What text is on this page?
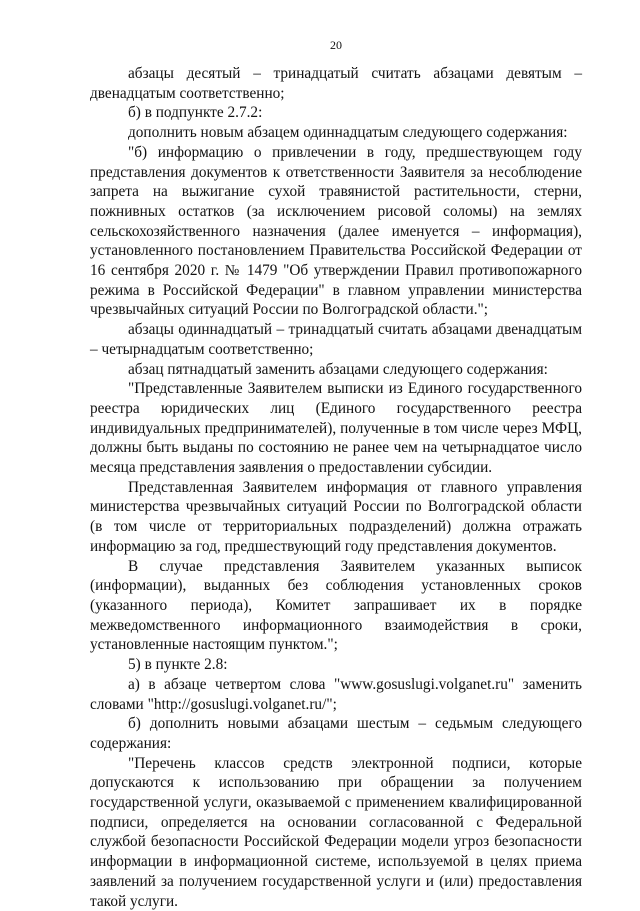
20

абзацы десятый – тринадцатый считать абзацами девятым – двенадцатым соответственно;

б) в подпункте 2.7.2:

дополнить новым абзацем одиннадцатым следующего содержания:

"б) информацию о привлечении в году, предшествующем году представления документов к ответственности Заявителя за несоблюдение запрета на выжигание сухой травянистой растительности, стерни, пожнивных остатков (за исключением рисовой соломы) на землях сельскохозяйственного назначения (далее именуется – информация), установленного постановлением Правительства Российской Федерации от 16 сентября 2020 г. № 1479 "Об утверждении Правил противопожарного режима в Российской Федерации" в главном управлении министерства чрезвычайных ситуаций России по Волгоградской области.";

абзацы одиннадцатый – тринадцатый считать абзацами двенадцатым – четырнадцатым соответственно;

абзац пятнадцатый заменить абзацами следующего содержания:

"Представленные Заявителем выписки из Единого государственного реестра юридических лиц (Единого государственного реестра индивидуальных предпринимателей), полученные в том числе через МФЦ, должны быть выданы по состоянию не ранее чем на четырнадцатое число месяца представления заявления о предоставлении субсидии.

Представленная Заявителем информация от главного управления министерства чрезвычайных ситуаций России по Волгоградской области (в том числе от территориальных подразделений) должна отражать информацию за год, предшествующий году представления документов.

В случае представления Заявителем указанных выписок (информации), выданных без соблюдения установленных сроков (указанного периода), Комитет запрашивает их в порядке межведомственного информационного взаимодействия в сроки, установленные настоящим пунктом.";

5) в пункте 2.8:

а) в абзаце четвертом слова "www.gosuslugi.volganet.ru" заменить словами "http://gosuslugi.volganet.ru/";

б) дополнить новыми абзацами шестым – седьмым следующего содержания:

"Перечень классов средств электронной подписи, которые допускаются к использованию при обращении за получением государственной услуги, оказываемой с применением квалифицированной подписи, определяется на основании согласованной с Федеральной службой безопасности Российской Федерации модели угроз безопасности информации в информационной системе, используемой в целях приема заявлений за получением государственной услуги и (или) предоставления такой услуги.
